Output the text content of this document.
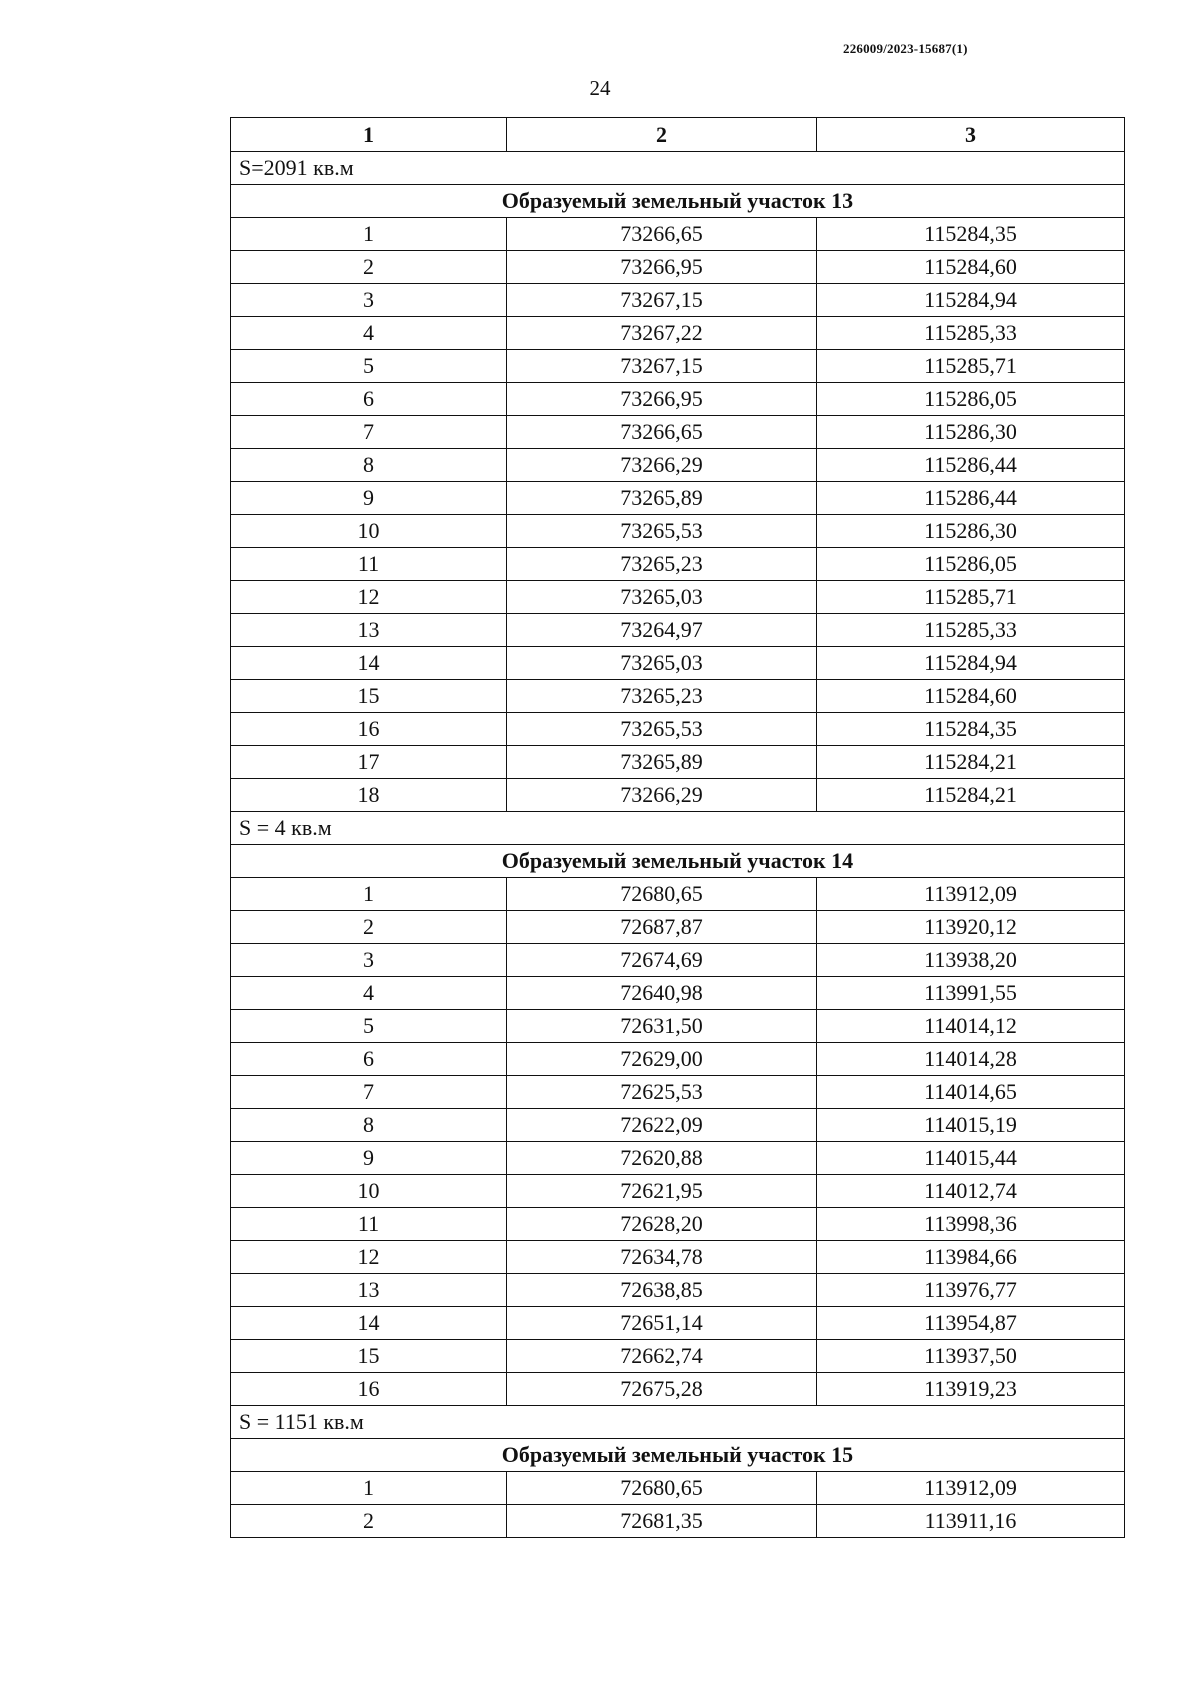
226009/2023-15687(1)
24
1	2	3
S=2091 кв.м		
Образуемый земельный участок 13		
1	73266,65	115284,35
2	73266,95	115284,60
3	73267,15	115284,94
4	73267,22	115285,33
5	73267,15	115285,71
6	73266,95	115286,05
7	73266,65	115286,30
8	73266,29	115286,44
9	73265,89	115286,44
10	73265,53	115286,30
11	73265,23	115286,05
12	73265,03	115285,71
13	73264,97	115285,33
14	73265,03	115284,94
15	73265,23	115284,60
16	73265,53	115284,35
17	73265,89	115284,21
18	73266,29	115284,21
S = 4 кв.м		
Образуемый земельный участок 14		
1	72680,65	113912,09
2	72687,87	113920,12
3	72674,69	113938,20
4	72640,98	113991,55
5	72631,50	114014,12
6	72629,00	114014,28
7	72625,53	114014,65
8	72622,09	114015,19
9	72620,88	114015,44
10	72621,95	114012,74
11	72628,20	113998,36
12	72634,78	113984,66
13	72638,85	113976,77
14	72651,14	113954,87
15	72662,74	113937,50
16	72675,28	113919,23
S = 1151 кв.м		
Образуемый земельный участок 15		
1	72680,65	113912,09
2	72681,35	113911,16
